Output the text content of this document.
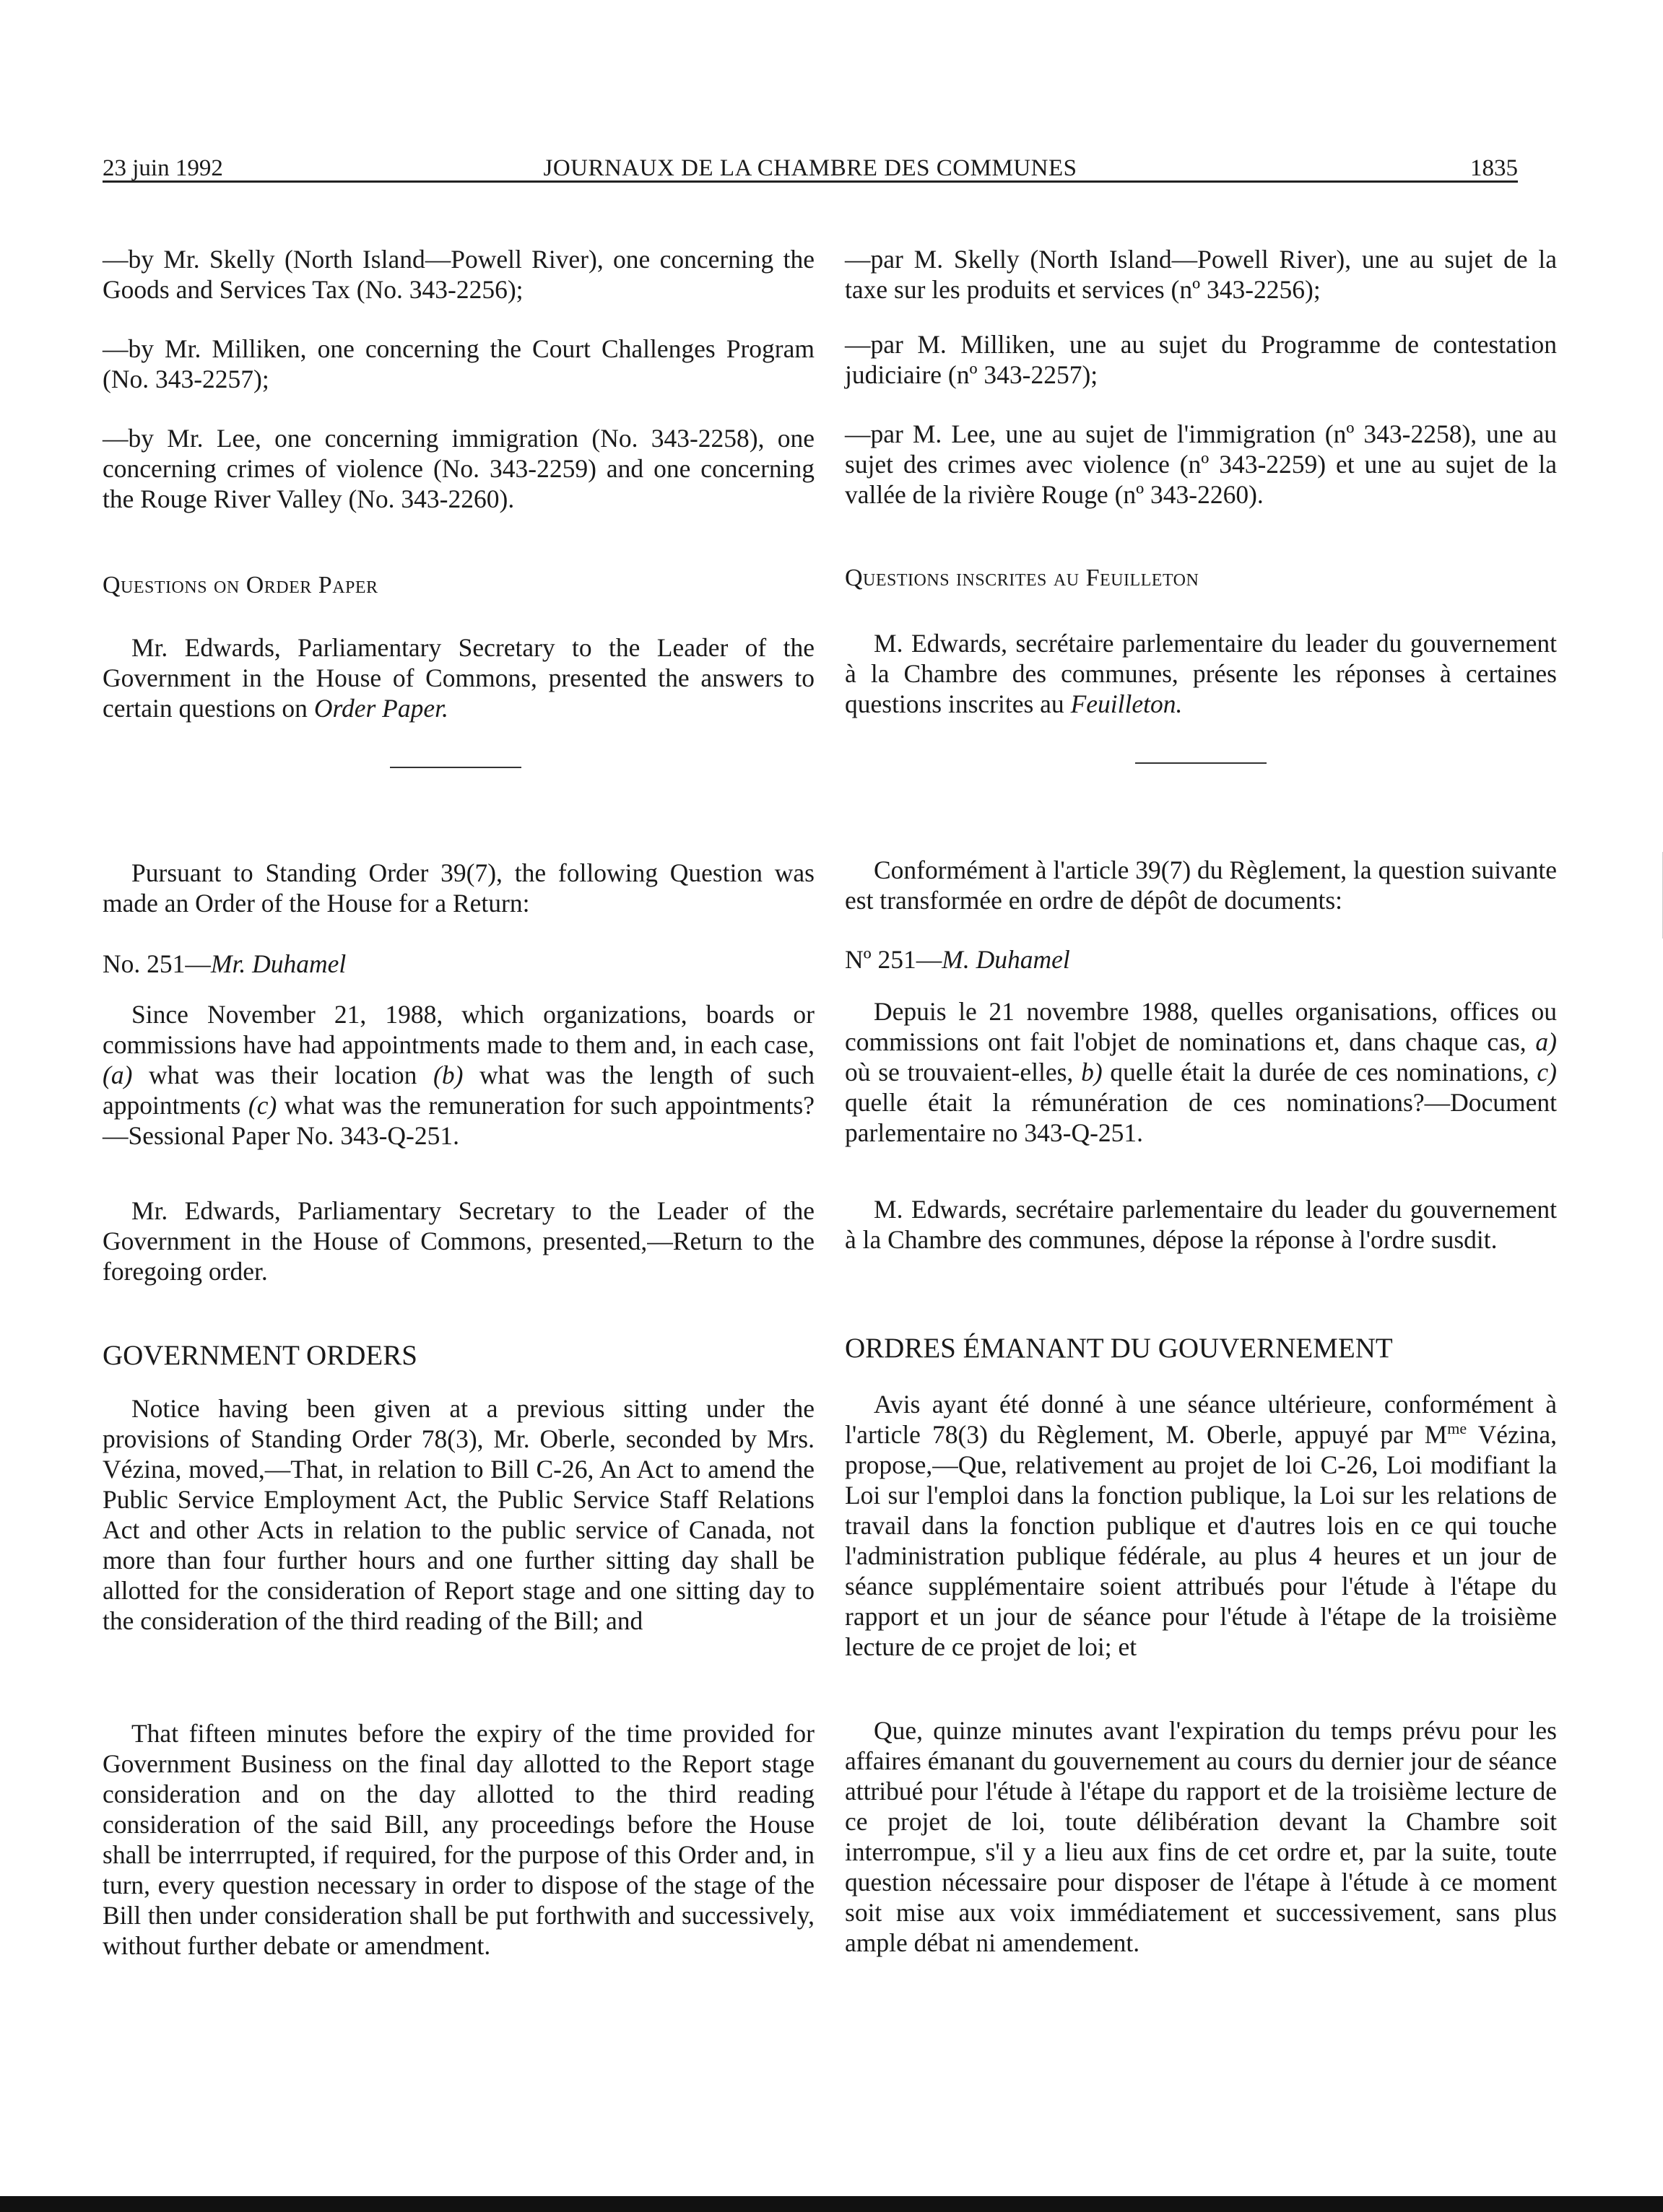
23 juin 1992	JOURNAUX DE LA CHAMBRE DES COMMUNES	1835

—by Mr. Skelly (North Island—Powell River), one concerning the Goods and Services Tax (No. 343-2256);

—by Mr. Milliken, one concerning the Court Challenges Program (No. 343-2257);

—by Mr. Lee, one concerning immigration (No. 343-2258), one concerning crimes of violence (No. 343-2259) and one concerning the Rouge River Valley (No. 343-2260).

Questions on Order Paper

Mr. Edwards, Parliamentary Secretary to the Leader of the Government in the House of Commons, presented the answers to certain questions on Order Paper.

Pursuant to Standing Order 39(7), the following Question was made an Order of the House for a Return:

No. 251—Mr. Duhamel

Since November 21, 1988, which organizations, boards or commissions have had appointments made to them and, in each case, (a) what was their location (b) what was the length of such appointments (c) what was the remuneration for such appointments?—Sessional Paper No. 343-Q-251.

Mr. Edwards, Parliamentary Secretary to the Leader of the Government in the House of Commons, presented,—Return to the foregoing order.

GOVERNMENT ORDERS

Notice having been given at a previous sitting under the provisions of Standing Order 78(3), Mr. Oberle, seconded by Mrs. Vézina, moved,—That, in relation to Bill C-26, An Act to amend the Public Service Employment Act, the Public Service Staff Relations Act and other Acts in relation to the public service of Canada, not more than four further hours and one further sitting day shall be allotted for the consideration of Report stage and one sitting day to the consideration of the third reading of the Bill; and

That fifteen minutes before the expiry of the time provided for Government Business on the final day allotted to the Report stage consideration and on the day allotted to the third reading consideration of the said Bill, any proceedings before the House shall be interrrupted, if required, for the purpose of this Order and, in turn, every question necessary in order to dispose of the stage of the Bill then under consideration shall be put forthwith and successively, without further debate or amendment.

—par M. Skelly (North Island—Powell River), une au sujet de la taxe sur les produits et services (nº 343-2256);

—par M. Milliken, une au sujet du Programme de contestation judiciaire (nº 343-2257);

—par M. Lee, une au sujet de l'immigration (nº 343-2258), une au sujet des crimes avec violence (nº 343-2259) et une au sujet de la vallée de la rivière Rouge (nº 343-2260).

Questions inscrites au Feuilleton

M. Edwards, secrétaire parlementaire du leader du gouvernement à la Chambre des communes, présente les réponses à certaines questions inscrites au Feuilleton.

Conformément à l'article 39(7) du Règlement, la question suivante est transformée en ordre de dépôt de documents:

Nº 251—M. Duhamel

Depuis le 21 novembre 1988, quelles organisations, offices ou commissions ont fait l'objet de nominations et, dans chaque cas, a) où se trouvaient-elles, b) quelle était la durée de ces nominations, c) quelle était la rémunération de ces nominations?—Document parlementaire no 343-Q-251.

M. Edwards, secrétaire parlementaire du leader du gouvernement à la Chambre des communes, dépose la réponse à l'ordre susdit.

ORDRES ÉMANANT DU GOUVERNEMENT

Avis ayant été donné à une séance ultérieure, conformément à l'article 78(3) du Règlement, M. Oberle, appuyé par $M^{me}$ Vézina, propose,—Que, relativement au projet de loi C-26, Loi modifiant la Loi sur l'emploi dans la fonction publique, la Loi sur les relations de travail dans la fonction publique et d'autres lois en ce qui touche l'administration publique fédérale, au plus 4 heures et un jour de séance supplémentaire soient attribués pour l'étude à l'étape du rapport et un jour de séance pour l'étude à l'étape de la troisième lecture de ce projet de loi; et

Que, quinze minutes avant l'expiration du temps prévu pour les affaires émanant du gouvernement au cours du dernier jour de séance attribué pour l'étude à l'étape du rapport et de la troisième lecture de ce projet de loi, toute délibération devant la Chambre soit interrompue, s'il y a lieu aux fins de cet ordre et, par la suite, toute question nécessaire pour disposer de l'étape à l'étude à ce moment soit mise aux voix immédiatement et successivement, sans plus ample débat ni amendement.
